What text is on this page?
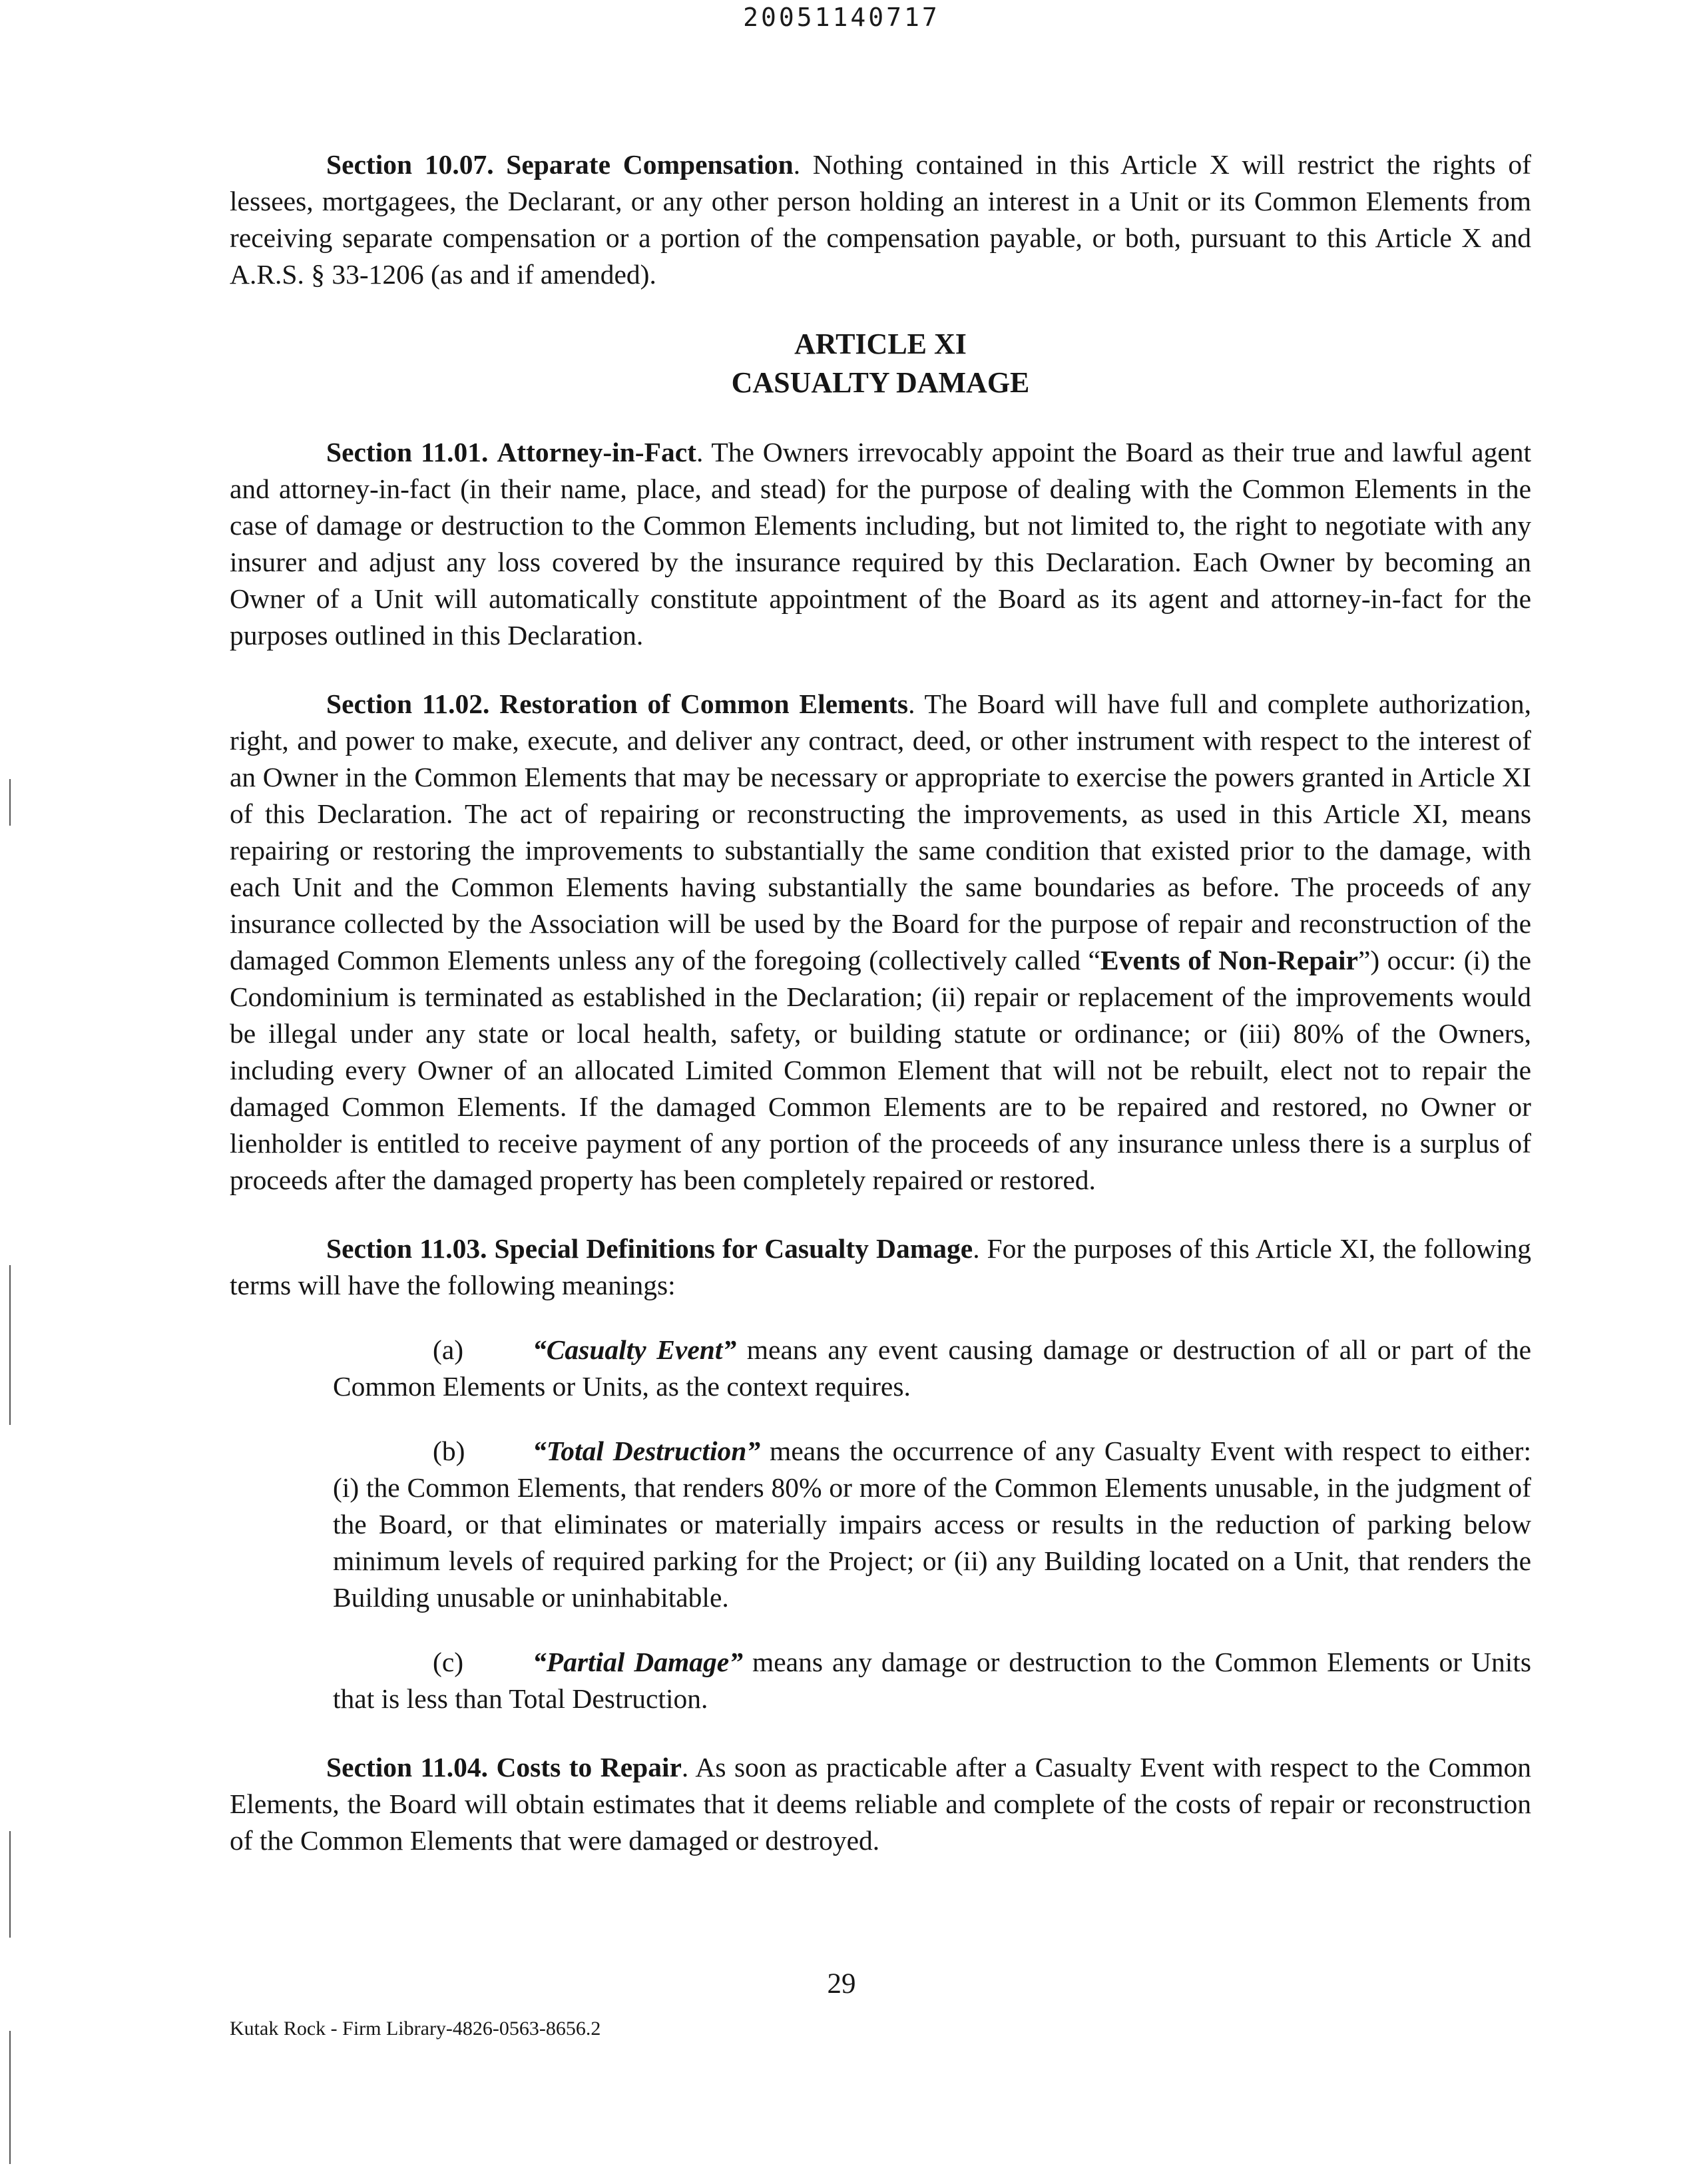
20051140717

Section 10.07. Separate Compensation. Nothing contained in this Article X will restrict the rights of lessees, mortgagees, the Declarant, or any other person holding an interest in a Unit or its Common Elements from receiving separate compensation or a portion of the compensation payable, or both, pursuant to this Article X and A.R.S. § 33-1206 (as and if amended).

ARTICLE XI
CASUALTY DAMAGE

Section 11.01. Attorney-in-Fact. The Owners irrevocably appoint the Board as their true and lawful agent and attorney-in-fact (in their name, place, and stead) for the purpose of dealing with the Common Elements in the case of damage or destruction to the Common Elements including, but not limited to, the right to negotiate with any insurer and adjust any loss covered by the insurance required by this Declaration. Each Owner by becoming an Owner of a Unit will automatically constitute appointment of the Board as its agent and attorney-in-fact for the purposes outlined in this Declaration.

Section 11.02. Restoration of Common Elements. The Board will have full and complete authorization, right, and power to make, execute, and deliver any contract, deed, or other instrument with respect to the interest of an Owner in the Common Elements that may be necessary or appropriate to exercise the powers granted in Article XI of this Declaration. The act of repairing or reconstructing the improvements, as used in this Article XI, means repairing or restoring the improvements to substantially the same condition that existed prior to the damage, with each Unit and the Common Elements having substantially the same boundaries as before. The proceeds of any insurance collected by the Association will be used by the Board for the purpose of repair and reconstruction of the damaged Common Elements unless any of the foregoing (collectively called “Events of Non-Repair”) occur: (i) the Condominium is terminated as established in the Declaration; (ii) repair or replacement of the improvements would be illegal under any state or local health, safety, or building statute or ordinance; or (iii) 80% of the Owners, including every Owner of an allocated Limited Common Element that will not be rebuilt, elect not to repair the damaged Common Elements. If the damaged Common Elements are to be repaired and restored, no Owner or lienholder is entitled to receive payment of any portion of the proceeds of any insurance unless there is a surplus of proceeds after the damaged property has been completely repaired or restored.

Section 11.03. Special Definitions for Casualty Damage. For the purposes of this Article XI, the following terms will have the following meanings:

(a)	“Casualty Event” means any event causing damage or destruction of all or part of the Common Elements or Units, as the context requires.

(b) “Total Destruction” means the occurrence of any Casualty Event with respect to either: (i) the Common Elements, that renders 80% or more of the Common Elements unusable, in the judgment of the Board, or that eliminates or materially impairs access or results in the reduction of parking below minimum levels of required parking for the Project; or (ii) any Building located on a Unit, that renders the Building unusable or uninhabitable.

(c)	“Partial Damage” means any damage or destruction to the Common Elements or Units that is less than Total Destruction.

Section 11.04. Costs to Repair. As soon as practicable after a Casualty Event with respect to the Common Elements, the Board will obtain estimates that it deems reliable and complete of the costs of repair or reconstruction of the Common Elements that were damaged or destroyed.

29
Kutak Rock - Firm Library-4826-0563-8656.2
